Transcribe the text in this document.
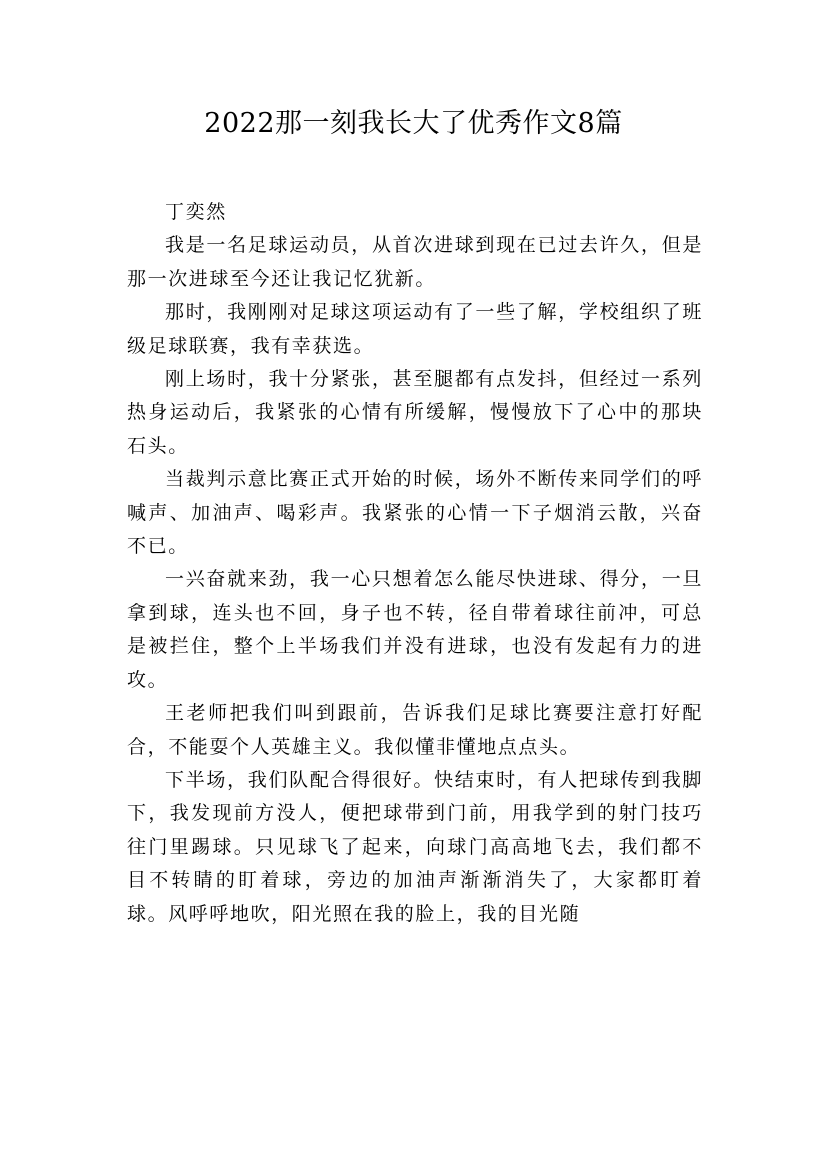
2022那一刻我长大了优秀作文8篇

丁奕然

我是一名足球运动员，从首次进球到现在已过去许久，但是那一次进球至今还让我记忆犹新。

那时，我刚刚对足球这项运动有了一些了解，学校组织了班级足球联赛，我有幸获选。

刚上场时，我十分紧张，甚至腿都有点发抖，但经过一系列热身运动后，我紧张的心情有所缓解，慢慢放下了心中的那块石头。

当裁判示意比赛正式开始的时候，场外不断传来同学们的呼喊声、加油声、喝彩声。我紧张的心情一下子烟消云散，兴奋不已。

一兴奋就来劲，我一心只想着怎么能尽快进球、得分，一旦拿到球，连头也不回，身子也不转，径自带着球往前冲，可总是被拦住，整个上半场我们并没有进球，也没有发起有力的进攻。

王老师把我们叫到跟前，告诉我们足球比赛要注意打好配合，不能耍个人英雄主义。我似懂非懂地点点头。

下半场，我们队配合得很好。快结束时，有人把球传到我脚下，我发现前方没人，便把球带到门前，用我学到的射门技巧往门里踢球。只见球飞了起来，向球门高高地飞去，我们都不目不转睛的盯着球，旁边的加油声渐渐消失了，大家都盯着球。风呼呼地吹，阳光照在我的脸上，我的目光随
